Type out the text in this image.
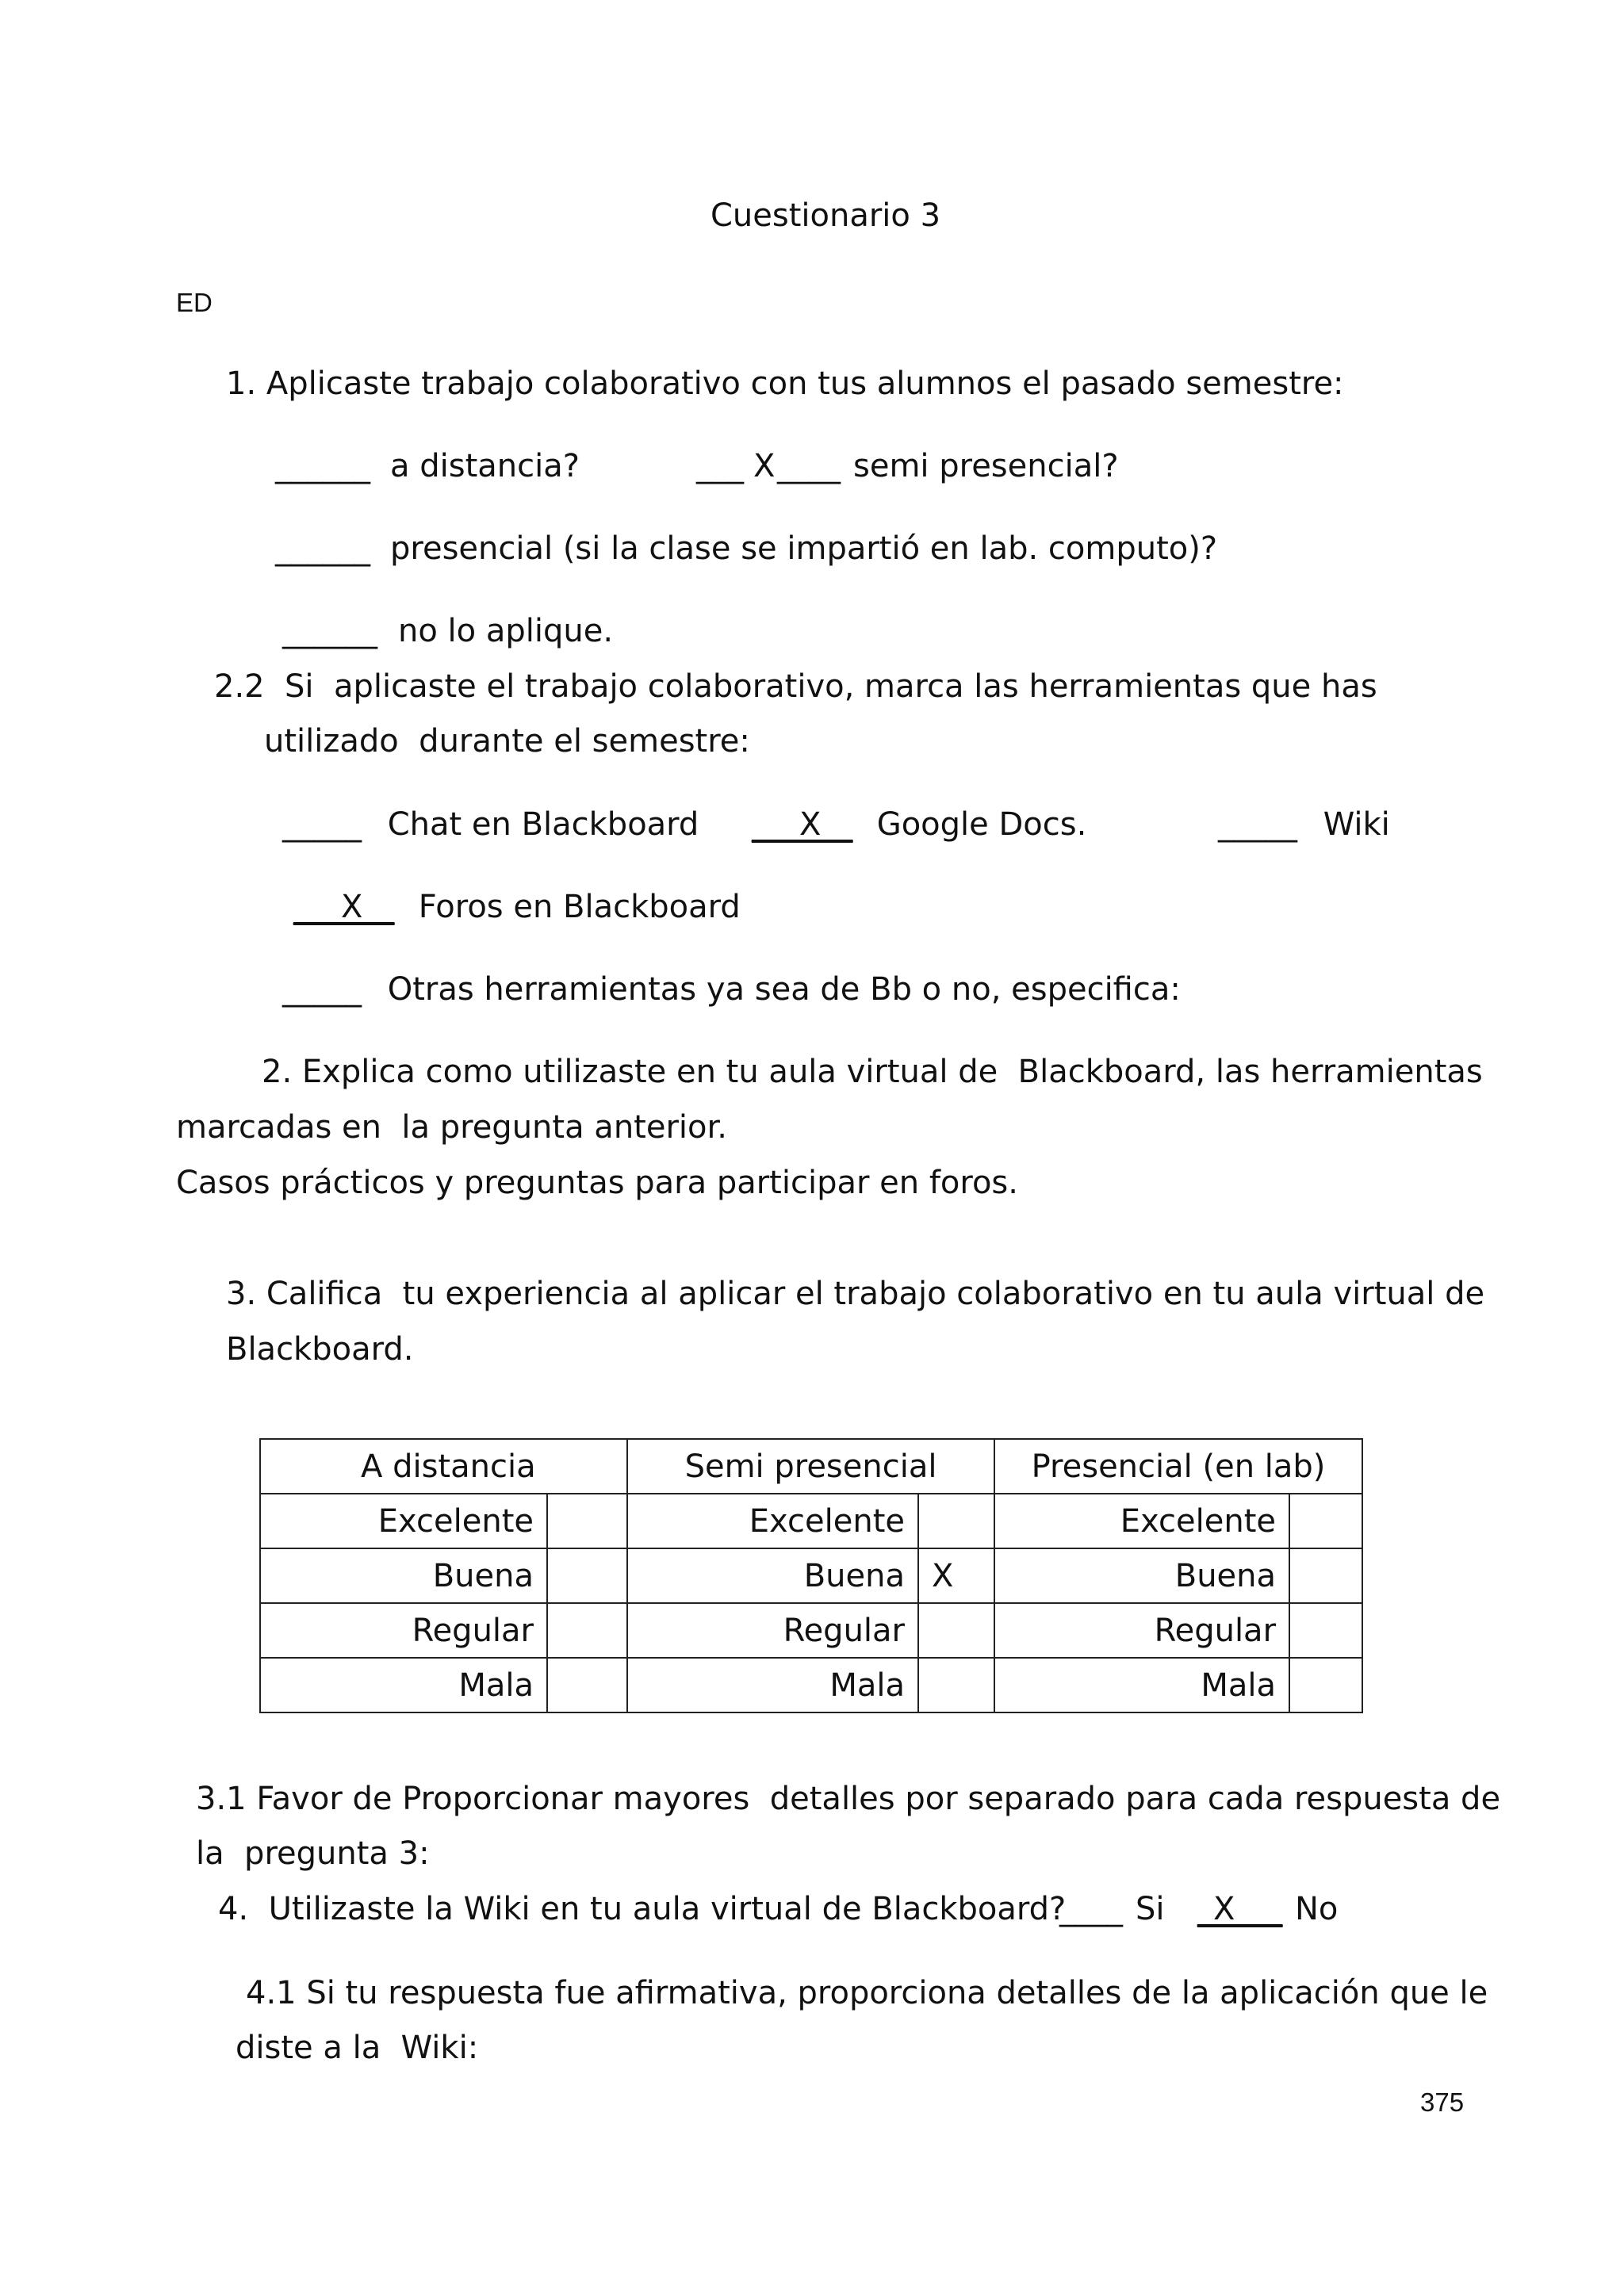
Cuestionario 3

ED

1. Aplicaste trabajo colaborativo con tus alumnos el pasado semestre:

______ a distancia?	___ X ____ semi presencial?

______ presencial (si la clase se impartió en lab. computo)?

______ no lo aplique.

2.2  Si  aplicaste el trabajo colaborativo, marca las herramientas que has

utilizado  durante el semestre:

_____ Chat en Blackboard ___X__ Google Docs.	_____ Wiki

___X__ Foros en Blackboard

_____ Otras herramientas ya sea de Bb o no, especifica:

2. Explica como utilizaste en tu aula virtual de  Blackboard, las herramientas

marcadas en  la pregunta anterior.

Casos prácticos y preguntas para participar en foros.

3. Califica  tu experiencia al aplicar el trabajo colaborativo en tu aula virtual de

Blackboard.

A distancia		Semi presencial		Presencial (en lab)	
Excelente		Excelente		Excelente	
Buena		Buena	X	Buena	
Regular		Regular		Regular	
Mala		Mala		Mala	

3.1 Favor de Proporcionar mayores  detalles por separado para cada respuesta de

la  pregunta 3:

4.  Utilizaste la Wiki en tu aula virtual de Blackboard?

____ Si _X___ No

4.1 Si tu respuesta fue afirmativa, proporciona detalles de la aplicación que le

diste a la  Wiki:

375
